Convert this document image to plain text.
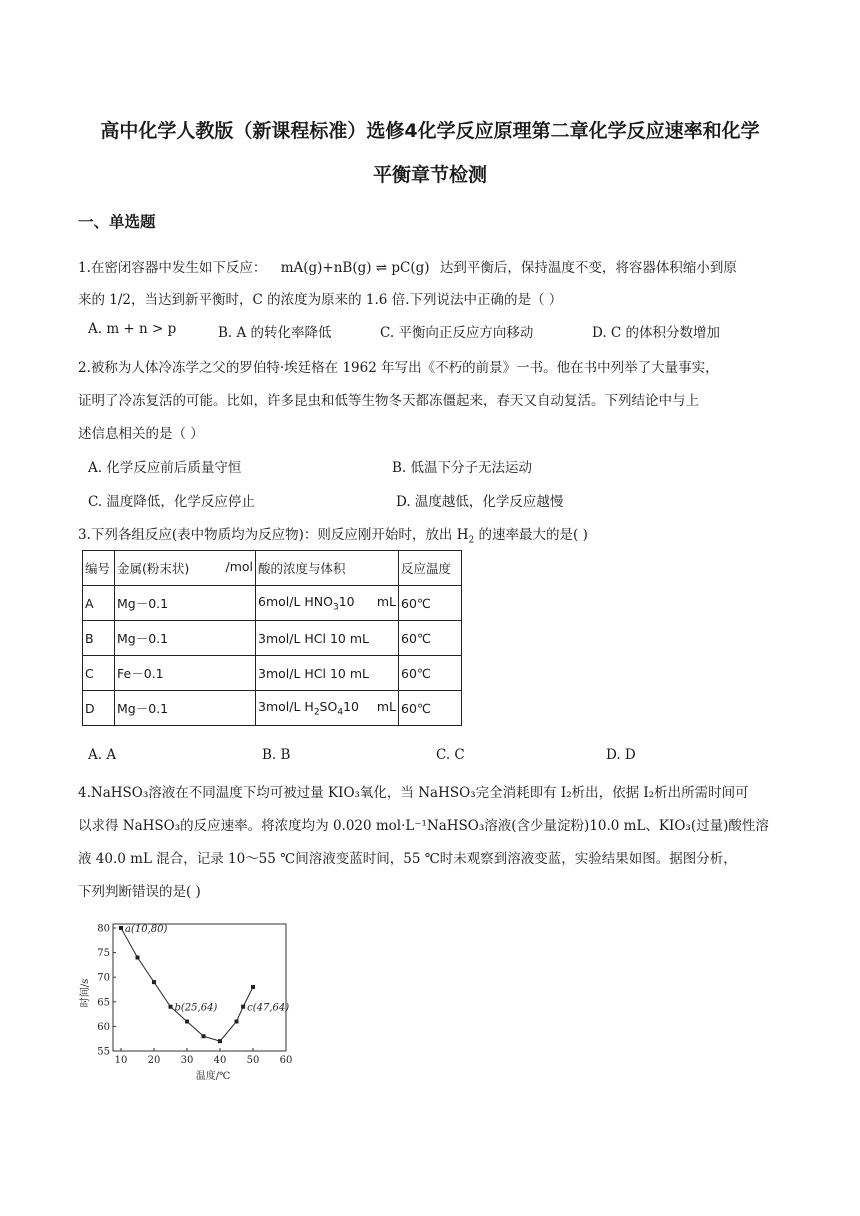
高中化学人教版（新课程标准）选修4化学反应原理第二章化学反应速率和化学
平衡章节检测
一、单选题
1.在密闭容器中发生如下反应： mA(g)+nB(g) ⇌ pC(g) 达到平衡后，保持温度不变，将容器体积缩小到原
来的 1/2，当达到新平衡时，C 的浓度为原来的 1.6 倍.下列说法中正确的是（ ）
A. m + n > p	B. A 的转化率降低	C. 平衡向正反应方向移动	D. C 的体积分数增加
2.被称为人体冷冻学之父的罗伯特·埃廷格在 1962 年写出《不朽的前景》一书。他在书中列举了大量事实，
证明了冷冻复活的可能。比如，许多昆虫和低等生物冬天都冻僵起来，春天又自动复活。下列结论中与上
述信息相关的是（ ）
A. 化学反应前后质量守恒	B. 低温下分子无法运动
C. 温度降低，化学反应停止	D. 温度越低，化学反应越慢
3.下列各组反应(表中物质均为反应物)：则反应刚开始时，放出 $H_2$ 的速率最大的是( )
编号	金属(粉末状) /mol	酸的浓度与体积	反应温度
A	Mg－0.1	6mol/L $HNO_310$ mL	60℃
B	Mg－0.1	3mol/L HCl 10 mL	60℃
C	Fe－0.1	3mol/L HCl 10 mL	60℃
D	Mg－0.1	3mol/L $H_2SO_410$ mL	60℃
A. A	B. B	C. C	D. D
4.NaHSO₃溶液在不同温度下均可被过量 KIO₃氧化，当 NaHSO₃完全消耗即有 I₂析出，依据 I₂析出所需时间可
以求得 NaHSO₃的反应速率。将浓度均为 0.020 mol·L⁻¹NaHSO₃溶液(含少量淀粉)10.0 mL、KIO₃(过量)酸性溶
液 40.0 mL 混合，记录 10～55 ℃间溶液变蓝时间，55 ℃时未观察到溶液变蓝，实验结果如图。据图分析，
下列判断错误的是( )
10 20 30 40 50 60
55
60
65
70
75
80 a(10,80)
b(25,64)	c(47,64)
温度/℃
时间/s
